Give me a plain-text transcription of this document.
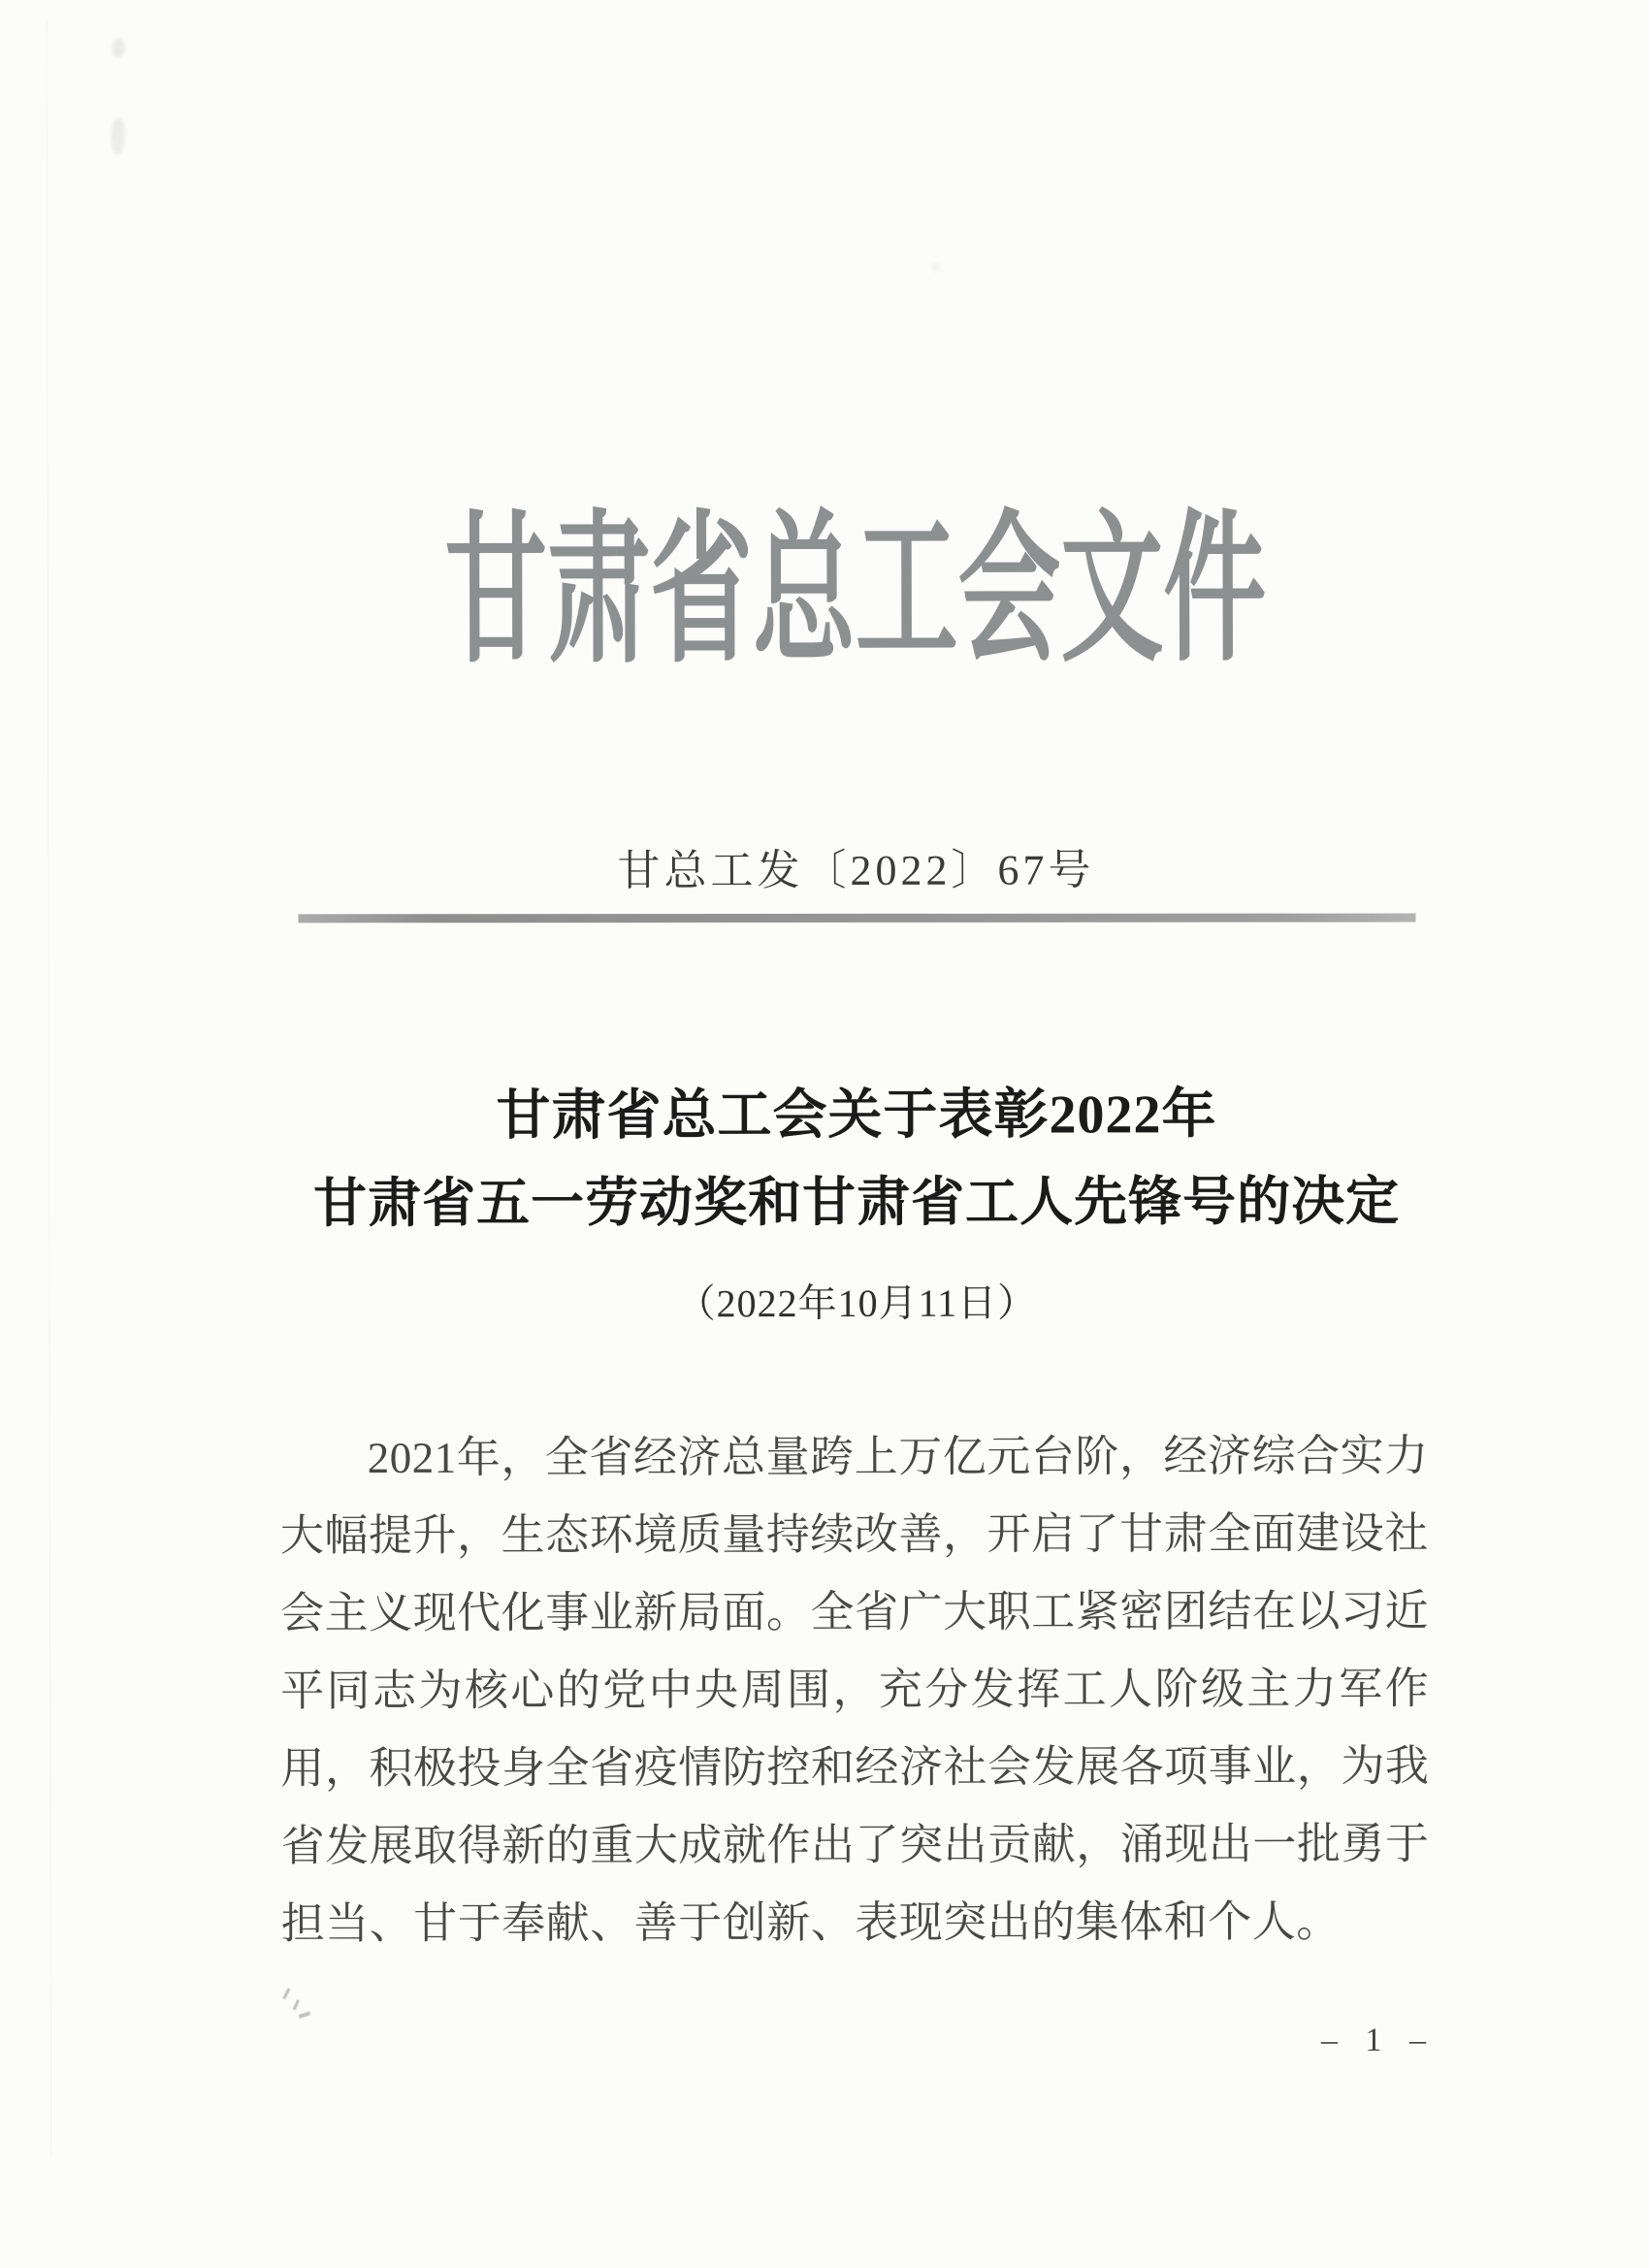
甘肃省总工会文件
甘总工发〔2022〕67号
甘肃省总工会关于表彰2022年
甘肃省五一劳动奖和甘肃省工人先锋号的决定
（2022年10月11日）

2021年，全省经济总量跨上万亿元台阶，经济综合实力大幅提升，生态环境质量持续改善，开启了甘肃全面建设社会主义现代化事业新局面。全省广大职工紧密团结在以习近平同志为核心的党中央周围，充分发挥工人阶级主力军作用，积极投身全省疫情防控和经济社会发展各项事业，为我省发展取得新的重大成就作出了突出贡献，涌现出一批勇于担当、甘于奉献、善于创新、表现突出的集体和个人。

– 1 –
